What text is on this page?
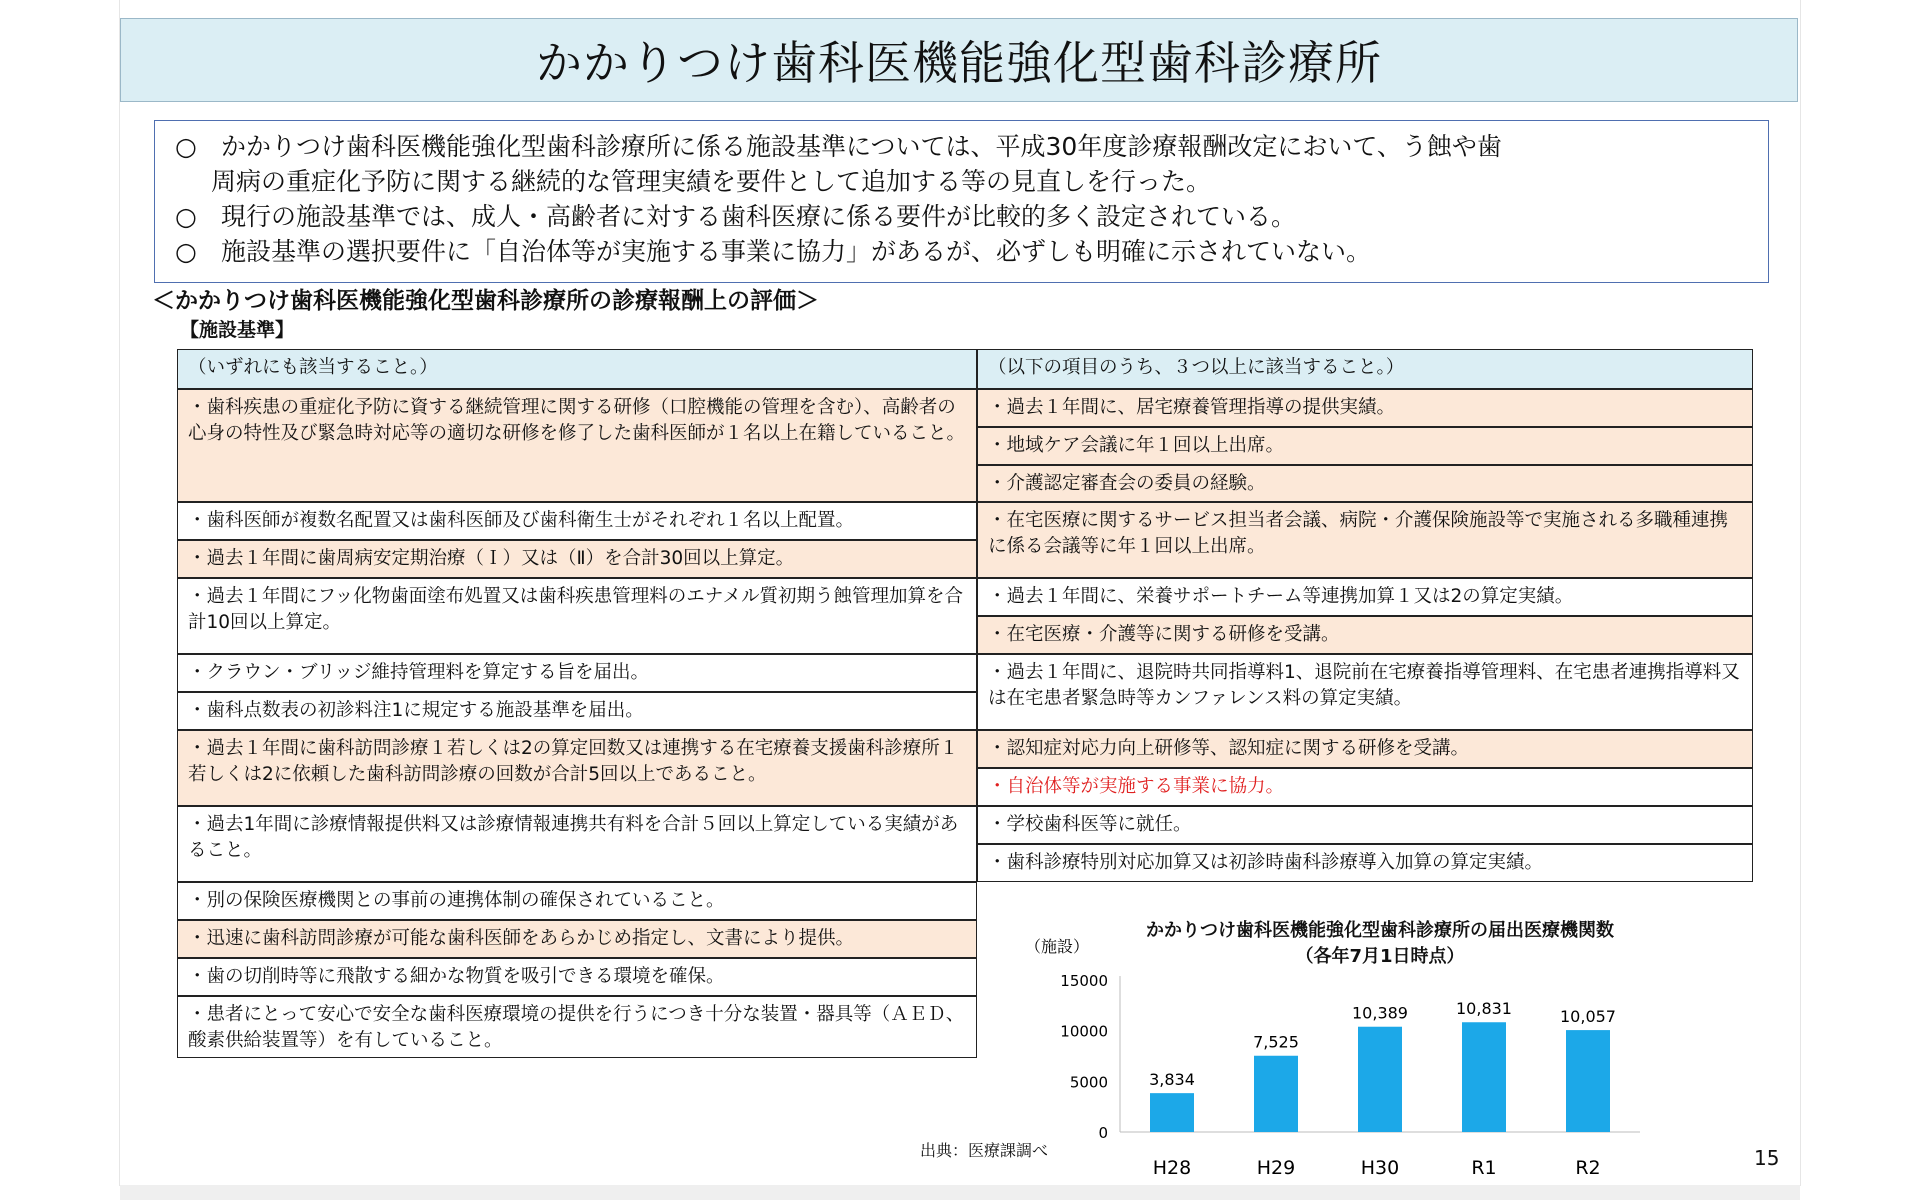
かかりつけ歯科医機能強化型歯科診療所
○ かかりつけ歯科医機能強化型歯科診療所に係る施設基準については、平成30年度診療報酬改定において、う蝕や歯
周病の重症化予防に関する継続的な管理実績を要件として追加する等の見直しを行った。
○ 現行の施設基準では、成人・高齢者に対する歯科医療に係る要件が比較的多く設定されている。
○ 施設基準の選択要件に「自治体等が実施する事業に協力」があるが、必ずしも明確に示されていない。
＜かかりつけ歯科医機能強化型歯科診療所の診療報酬上の評価＞
【施設基準】
（いずれにも該当すること。）
・歯科疾患の重症化予防に資する継続管理に関する研修（口腔機能の管理を含む）、高齢者の心身の特性及び緊急時対応等の適切な研修を修了した歯科医師が１名以上在籍していること。
・歯科医師が複数名配置又は歯科医師及び歯科衛生士がそれぞれ１名以上配置。
・過去１年間に歯周病安定期治療（Ｉ）又は（Ⅱ）を合計30回以上算定。
・過去１年間にフッ化物歯面塗布処置又は歯科疾患管理料のエナメル質初期う蝕管理加算を合計10回以上算定。
・クラウン・ブリッジ維持管理料を算定する旨を届出。
・歯科点数表の初診料注1に規定する施設基準を届出。
・過去１年間に歯科訪問診療１若しくは2の算定回数又は連携する在宅療養支援歯科診療所１若しくは2に依頼した歯科訪問診療の回数が合計5回以上であること。
・過去1年間に診療情報提供料又は診療情報連携共有料を合計５回以上算定している実績があること。
・別の保険医療機関との事前の連携体制の確保されていること。
・迅速に歯科訪問診療が可能な歯科医師をあらかじめ指定し、文書により提供。
・歯の切削時等に飛散する細かな物質を吸引できる環境を確保。
・患者にとって安心で安全な歯科医療環境の提供を行うにつき十分な装置・器具等（ＡＥＤ、酸素供給装置等）を有していること。
（以下の項目のうち、３つ以上に該当すること。）
・過去１年間に、居宅療養管理指導の提供実績。
・地域ケア会議に年１回以上出席。
・介護認定審査会の委員の経験。
・在宅医療に関するサービス担当者会議、病院・介護保険施設等で実施される多職種連携に係る会議等に年１回以上出席。
・過去１年間に、栄養サポートチーム等連携加算１又は2の算定実績。
・在宅医療・介護等に関する研修を受講。
・過去１年間に、退院時共同指導料1、退院前在宅療養指導管理料、在宅患者連携指導料又は在宅患者緊急時等カンファレンス料の算定実績。
・認知症対応力向上研修等、認知症に関する研修を受講。
・自治体等が実施する事業に協力。
・学校歯科医等に就任。
・歯科診療特別対応加算又は初診時歯科診療導入加算の算定実績。
かかりつけ歯科医機能強化型歯科診療所の届出医療機関数
（各年7月1日時点）
（施設）
0
5000
10000
15000
3,834
H28
7,525
H29
10,389
H30
10,831
R1
10,057
R2
出典：医療課調べ	15
